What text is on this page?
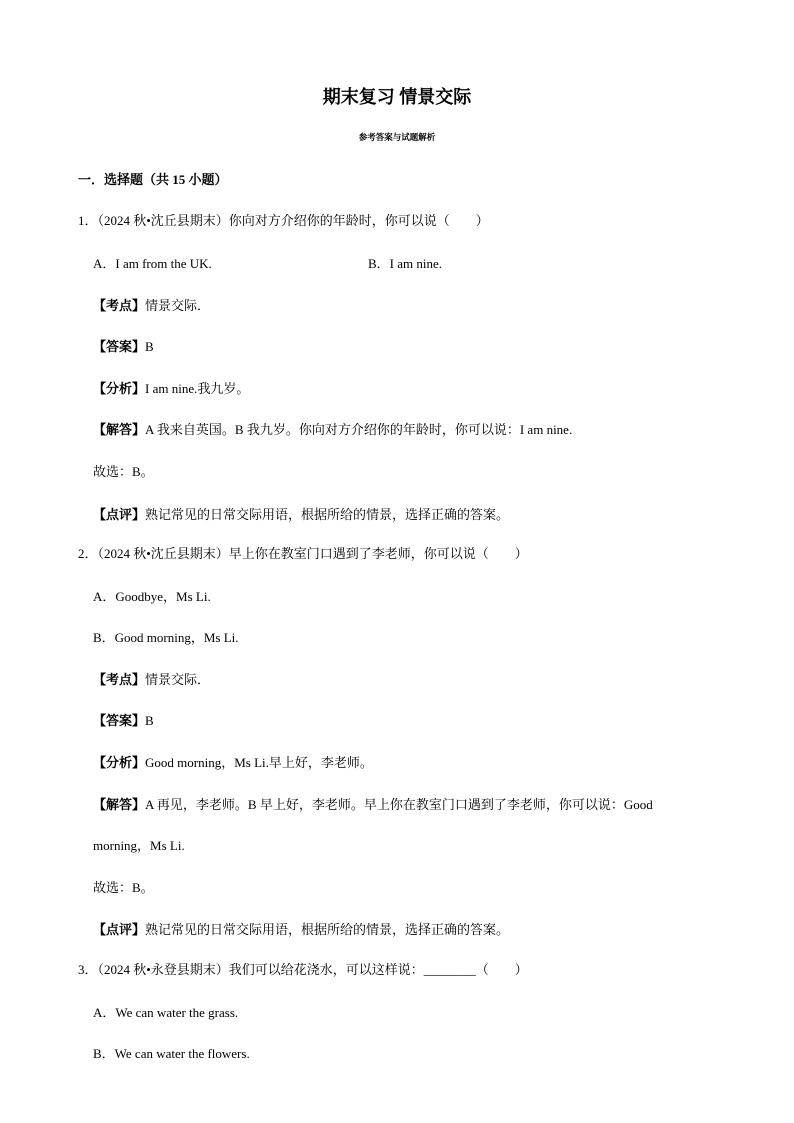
期末复习 情景交际
参考答案与试题解析
一．选择题（共 15 小题）
1．（2024 秋•沈丘县期末）你向对方介绍你的年龄时，你可以说（　　）
A．I am from the UK.	B．I am nine.
【考点】情景交际．
【答案】B
【分析】I am nine.我九岁。
【解答】A 我来自英国。B 我九岁。你向对方介绍你的年龄时，你可以说：I am nine.
故选：B。
【点评】熟记常见的日常交际用语，根据所给的情景，选择正确的答案。
2．（2024 秋•沈丘县期末）早上你在教室门口遇到了李老师，你可以说（　　）
A．Goodbye，Ms Li.
B．Good morning，Ms Li.
【考点】情景交际．
【答案】B
【分析】Good morning，Ms Li.早上好，李老师。
【解答】A 再见，李老师。B 早上好，李老师。早上你在教室门口遇到了李老师，你可以说：Good
morning，Ms Li.
故选：B。
【点评】熟记常见的日常交际用语，根据所给的情景，选择正确的答案。
3．（2024 秋•永登县期末）我们可以给花浇水，可以这样说：________（　　）
A．We can water the grass.
B．We can water the flowers.
